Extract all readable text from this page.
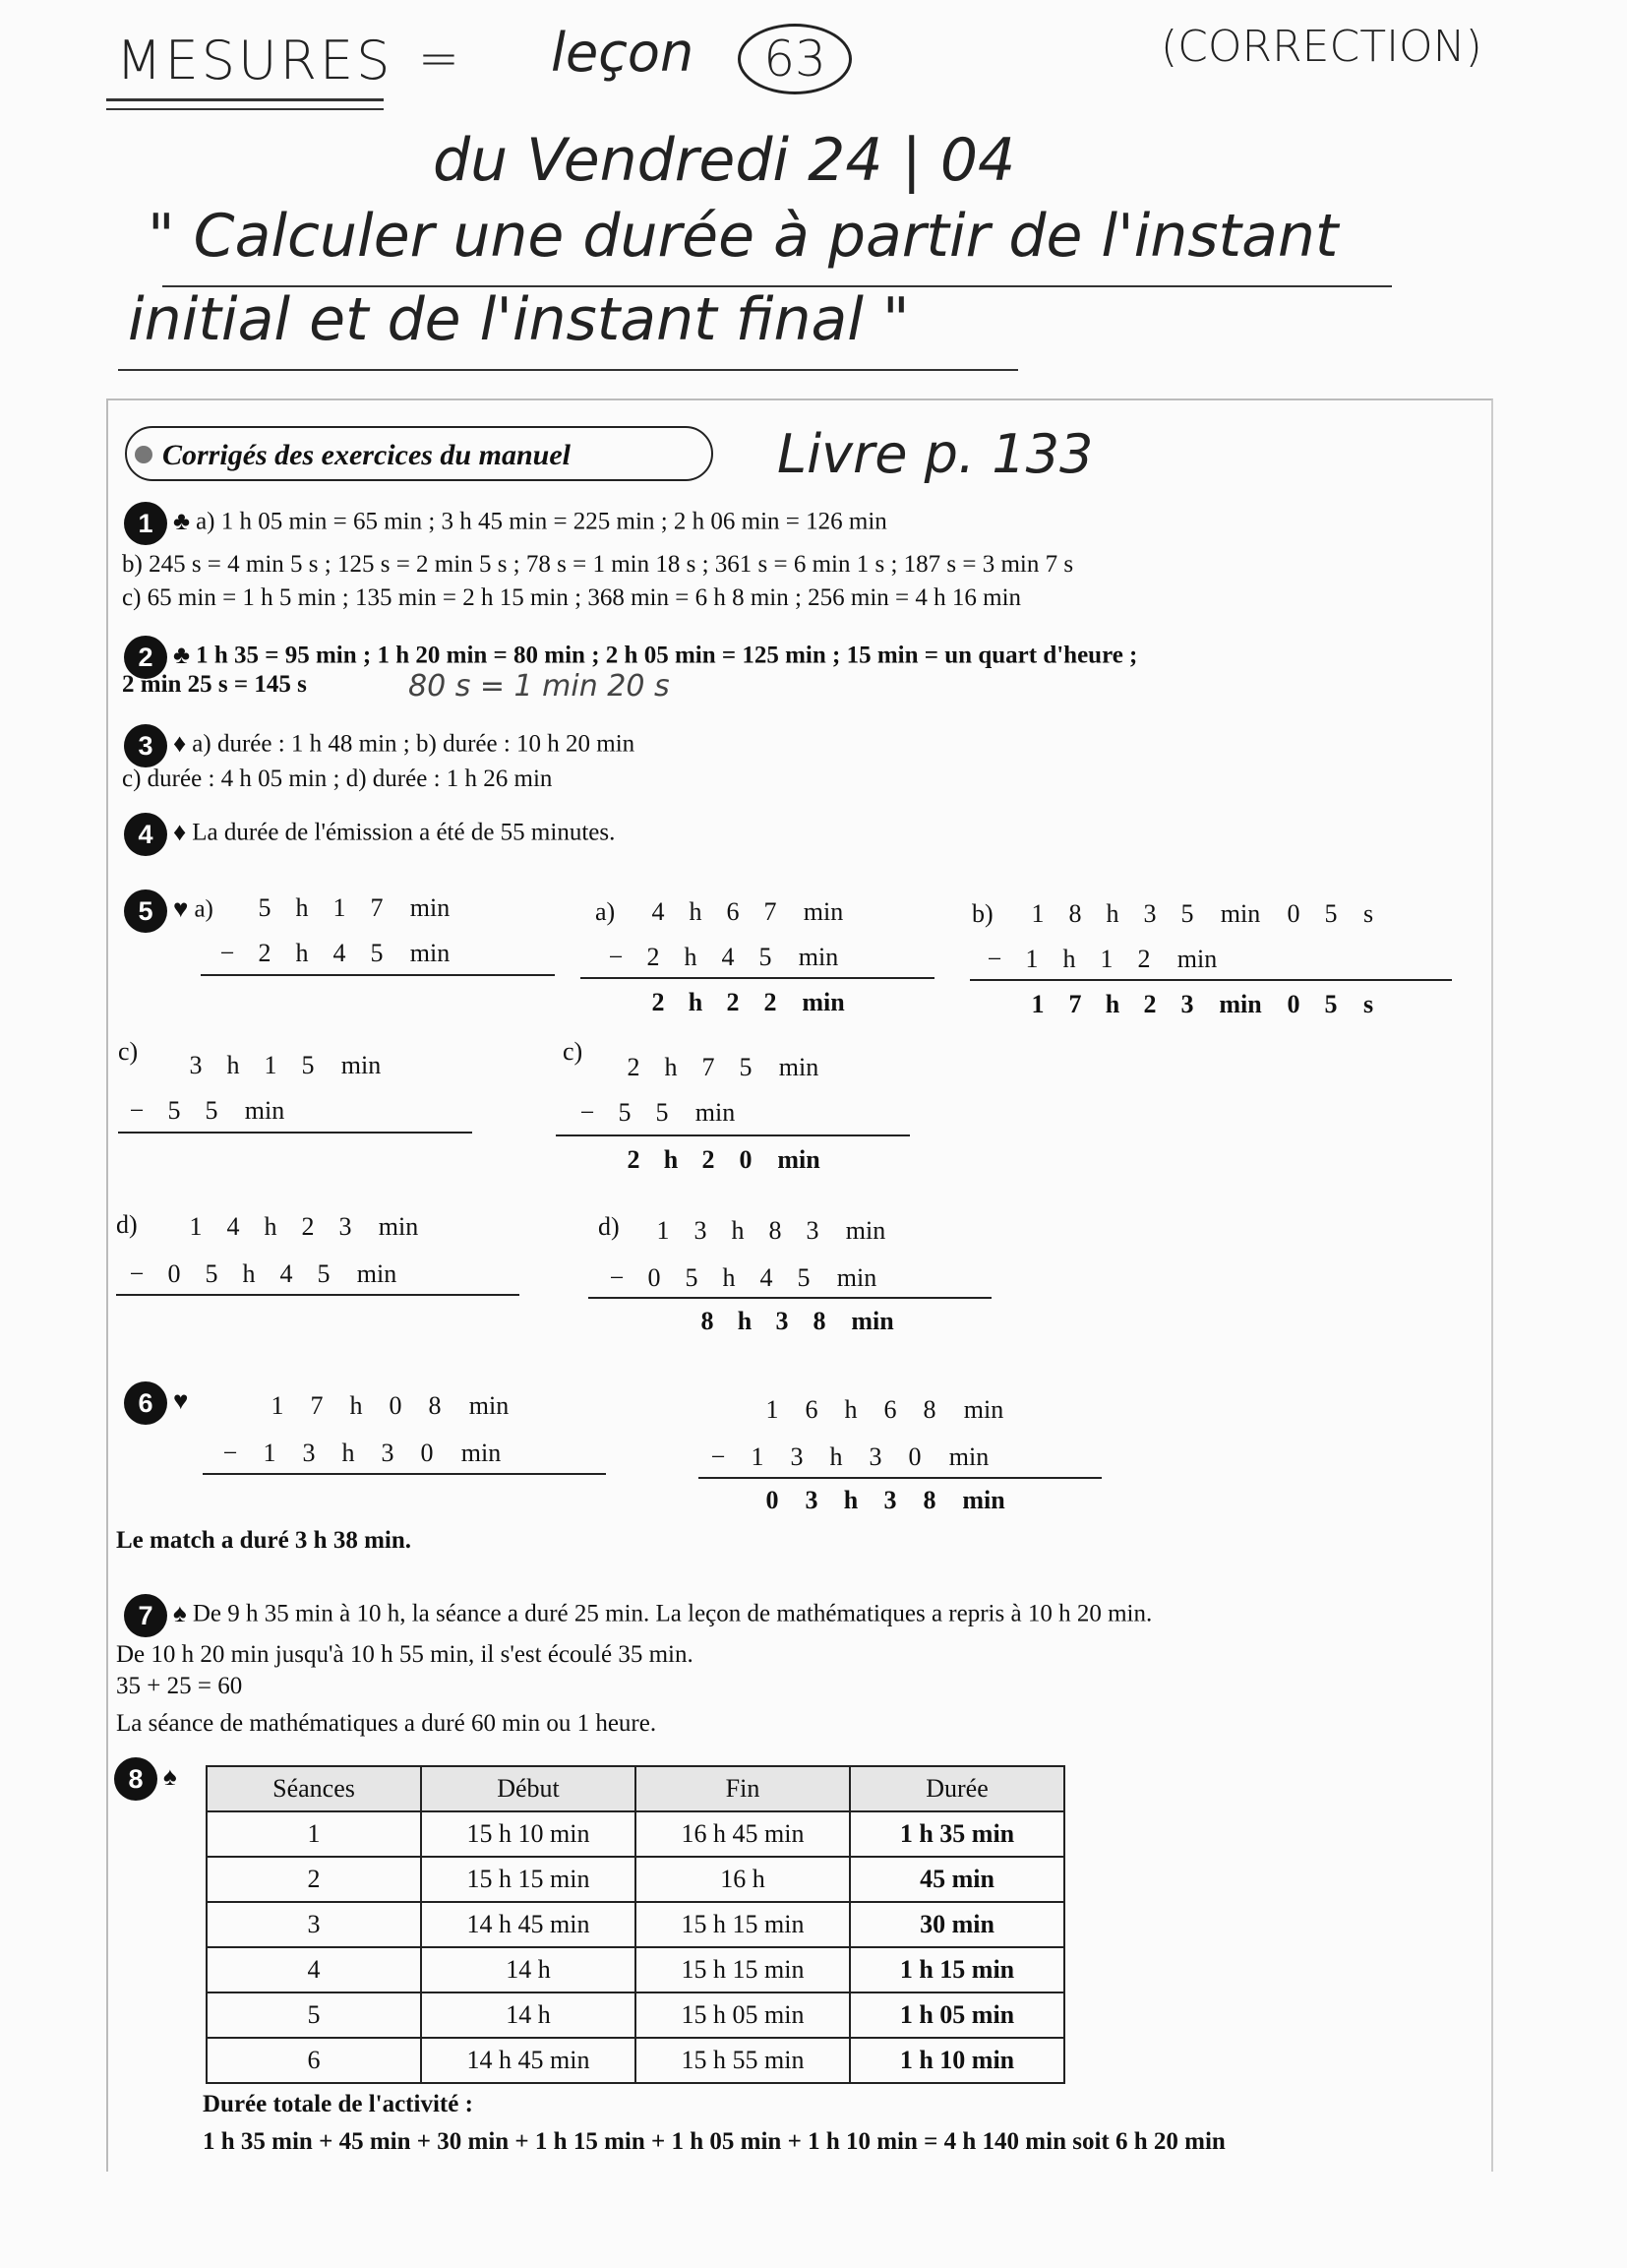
MESURES = leçon	63	(CORRECTION)
du Vendredi 24 | 04
" Calculer une durée à partir de l'instant
initial et de l'instant final "
Corrigés des exercices du manuel	Livre p. 133
1 ♣ a) 1 h 05 min = 65 min ; 3 h 45 min = 225 min ; 2 h 06 min = 126 min
b) 245 s = 4 min 5 s ; 125 s = 2 min 5 s ; 78 s = 1 min 18 s ; 361 s = 6 min 1 s ; 187 s = 3 min 7 s
c) 65 min = 1 h 5 min ; 135 min = 2 h 15 min ; 368 min = 6 h 8 min ; 256 min = 4 h 16 min
2 ♣ 1 h 35 = 95 min ; 1 h 20 min = 80 min ; 2 h 05 min = 125 min ; 15 min = un quart d'heure ;
2 min 25 s = 145 s	80 s = 1 min 20 s
3 ♦ a) durée : 1 h 48 min ; b) durée : 10 h 20 min
c) durée : 4 h 05 min ; d) durée : 1 h 26 min
4 ♦ La durée de l'émission a été de 55 minutes.
5 ♥ a)	5 h 1 7	min
− 2 h 4 5	min
a)	4 h 6 7	min
− 2 h 4 5	min
2 h 2 2 min
b)	1 8 h 3 5	min	0 5	s
− 1 h 1 2	min
1 7 h 2 3 min 0 5	s
c)	3 h 1 5	min
− 5 5	min
c)
2 h 7 5	min
− 5 5	min
2 h 2 0 min
d)	1 4 h 2 3	min
− 0 5 h 4 5	min
d)	1 3 h 8 3	min
− 0 5 h 4 5	min
8 h 3 8 min
6 ♥	1	7	h	0	8	min
−	1	3	h	3	0	min
1	6	h	6	8	min
−	1	3	h	3	0	min
0	3	h	3	8	min
Le match a duré 3 h 38 min.
7 ♠ De 9 h 35 min à 10 h, la séance a duré 25 min. La leçon de mathématiques a repris à 10 h 20 min.
De 10 h 20 min jusqu'à 10 h 55 min, il s'est écoulé 35 min.
35 + 25 = 60
La séance de mathématiques a duré 60 min ou 1 heure.
8 ♠	Séances	Début	Fin	Durée
1	15 h 10 min	16 h 45 min	1 h 35 min
2	15 h 15 min	16 h	45 min
3	14 h 45 min	15 h 15 min	30 min
4	14 h	15 h 15 min	1 h 15 min
5	14 h	15 h 05 min	1 h 05 min
6	14 h 45 min	15 h 55 min	1 h 10 min
Durée totale de l'activité :
1 h 35 min + 45 min + 30 min + 1 h 15 min + 1 h 05 min + 1 h 10 min = 4 h 140 min soit 6 h 20 min
